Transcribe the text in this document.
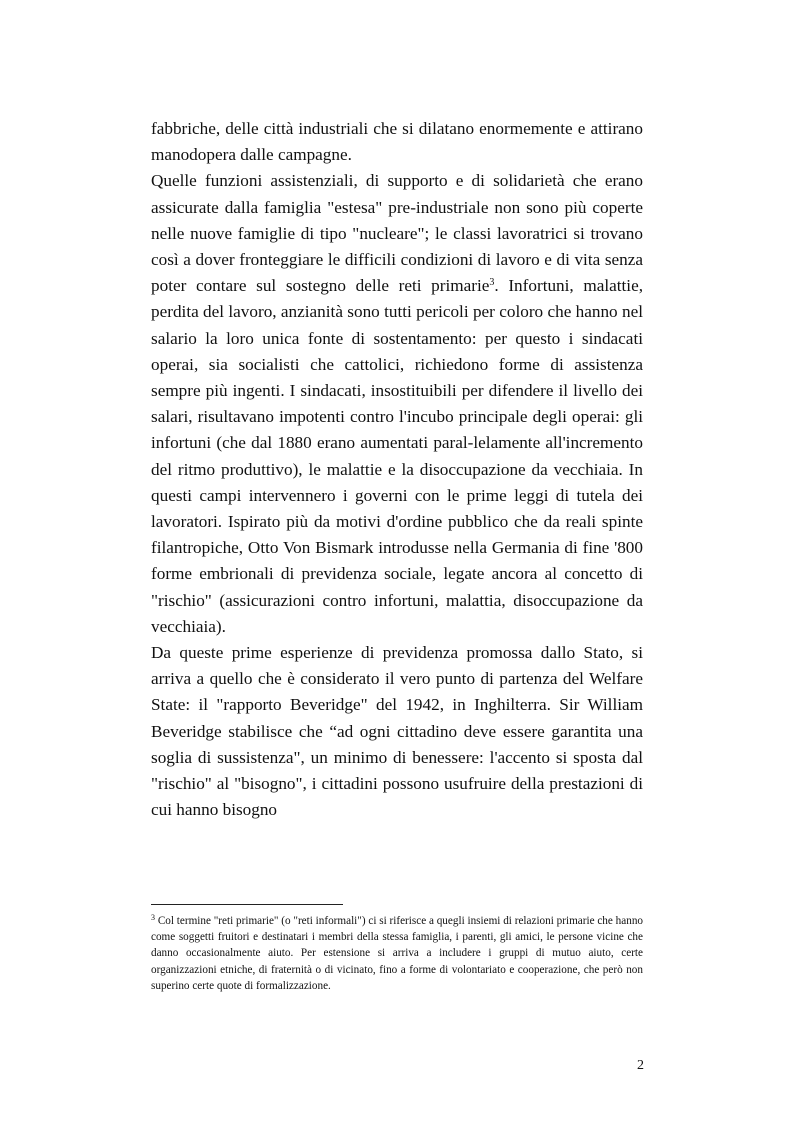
fabbriche, delle città industriali che si dilatano enormemente e attirano manodopera dalle campagne.

Quelle funzioni assistenziali, di supporto e di solidarietà che erano assicurate dalla famiglia "estesa" pre-industriale non sono più coperte nelle nuove famiglie di tipo "nucleare"; le classi lavoratrici si trovano così a dover fronteggiare le difficili condizioni di lavoro e di vita senza poter contare sul sostegno delle reti primarie$^3$. Infortuni, malattie, perdita del lavoro, anzianità sono tutti pericoli per coloro che hanno nel salario la loro unica fonte di sostentamento: per questo i sindacati operai, sia socialisti che cattolici, richiedono forme di assistenza sempre più ingenti. I sindacati, insostituibili per difendere il livello dei salari, risultavano impotenti contro l'incubo principale degli operai: gli infortuni (che dal 1880 erano aumentati paral-lelamente all'incremento del ritmo produttivo), le malattie e la disoccupazione da vecchiaia. In questi campi intervennero i governi con le prime leggi di tutela dei lavoratori. Ispirato più da motivi d'ordine pubblico che da reali spinte filantropiche, Otto Von Bismark introdusse nella Germania di fine '800 forme embrionali di previdenza sociale, legate ancora al concetto di "rischio" (assicurazioni contro infortuni, malattia, disoccupazione da vecchiaia).

Da queste prime esperienze di previdenza promossa dallo Stato, si arriva a quello che è considerato il vero punto di partenza del Welfare State: il "rapporto Beveridge" del 1942, in Inghilterra. Sir William Beveridge stabilisce che “ad ogni cittadino deve essere garantita una soglia di sussistenza", un minimo di benessere: l'accento si sposta dal "rischio" al "bisogno", i cittadini possono usufruire della prestazioni di cui hanno bisogno

$^3$ Col termine "reti primarie" (o "reti informali") ci si riferisce a quegli insiemi di relazioni primarie che hanno come soggetti fruitori e destinatari i membri della stessa famiglia, i parenti, gli amici, le persone vicine che danno occasionalmente aiuto. Per estensione si arriva a includere i gruppi di mutuo aiuto, certe organizzazioni etniche, di fraternità o di vicinato, fino a forme di volontariato e cooperazione, che però non superino certe quote di formalizzazione.
2
